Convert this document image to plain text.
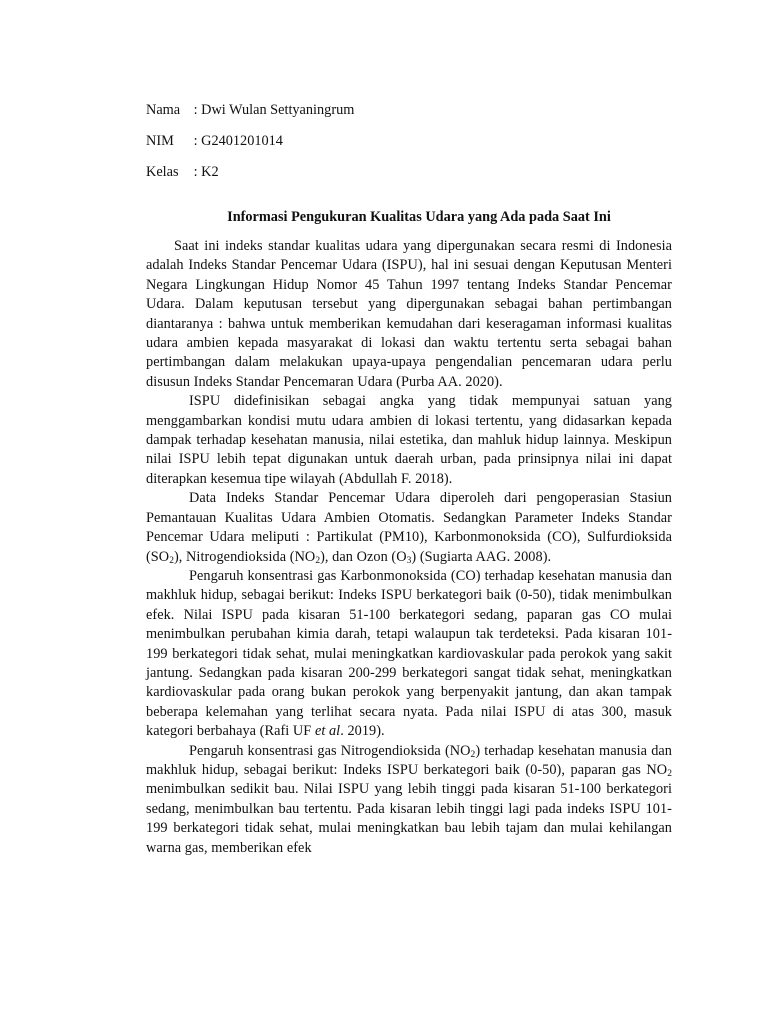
Nama : Dwi Wulan Settyaningrum
NIM : G2401201014
Kelas : K2
Informasi Pengukuran Kualitas Udara yang Ada pada Saat Ini

Saat ini indeks standar kualitas udara yang dipergunakan secara resmi di Indonesia adalah Indeks Standar Pencemar Udara (ISPU), hal ini sesuai dengan Keputusan Menteri Negara Lingkungan Hidup Nomor 45 Tahun 1997 tentang Indeks Standar Pencemar Udara. Dalam keputusan tersebut yang dipergunakan sebagai bahan pertimbangan diantaranya : bahwa untuk memberikan kemudahan dari keseragaman informasi kualitas udara ambien kepada masyarakat di lokasi dan waktu tertentu serta sebagai bahan pertimbangan dalam melakukan upaya-upaya pengendalian pencemaran udara perlu disusun Indeks Standar Pencemaran Udara (Purba AA. 2020).

ISPU didefinisikan sebagai angka yang tidak mempunyai satuan yang menggambarkan kondisi mutu udara ambien di lokasi tertentu, yang didasarkan kepada dampak terhadap kesehatan manusia, nilai estetika, dan mahluk hidup lainnya. Meskipun nilai ISPU lebih tepat digunakan untuk daerah urban, pada prinsipnya nilai ini dapat diterapkan kesemua tipe wilayah (Abdullah F. 2018).

Data Indeks Standar Pencemar Udara diperoleh dari pengoperasian Stasiun Pemantauan Kualitas Udara Ambien Otomatis. Sedangkan Parameter Indeks Standar Pencemar Udara meliputi : Partikulat (PM10), Karbonmonoksida (CO), Sulfurdioksida $(SO_2)$, Nitrogendioksida $(NO_2)$, dan Ozon $(O_3)$ (Sugiarta AAG. 2008).

Pengaruh konsentrasi gas Karbonmonoksida (CO) terhadap kesehatan manusia dan makhluk hidup, sebagai berikut: Indeks ISPU berkategori baik (0-50), tidak menimbulkan efek. Nilai ISPU pada kisaran 51-100 berkategori sedang, paparan gas CO mulai menimbulkan perubahan kimia darah, tetapi walaupun tak terdeteksi. Pada kisaran 101-199 berkategori tidak sehat, mulai meningkatkan kardiovaskular pada perokok yang sakit jantung. Sedangkan pada kisaran 200-299 berkategori sangat tidak sehat, meningkatkan kardiovaskular pada orang bukan perokok yang berpenyakit jantung, dan akan tampak beberapa kelemahan yang terlihat secara nyata. Pada nilai ISPU di atas 300, masuk kategori berbahaya (Rafi UF et al. 2019).

Pengaruh konsentrasi gas Nitrogendioksida $(NO_2)$ terhadap kesehatan manusia dan makhluk hidup, sebagai berikut: Indeks ISPU berkategori baik (0-50), paparan gas $NO_2$ menimbulkan sedikit bau. Nilai ISPU yang lebih tinggi pada kisaran 51-100 berkategori sedang, menimbulkan bau tertentu. Pada kisaran lebih tinggi lagi pada indeks ISPU 101-199 berkategori tidak sehat, mulai meningkatkan bau lebih tajam dan mulai kehilangan warna gas, memberikan efek
